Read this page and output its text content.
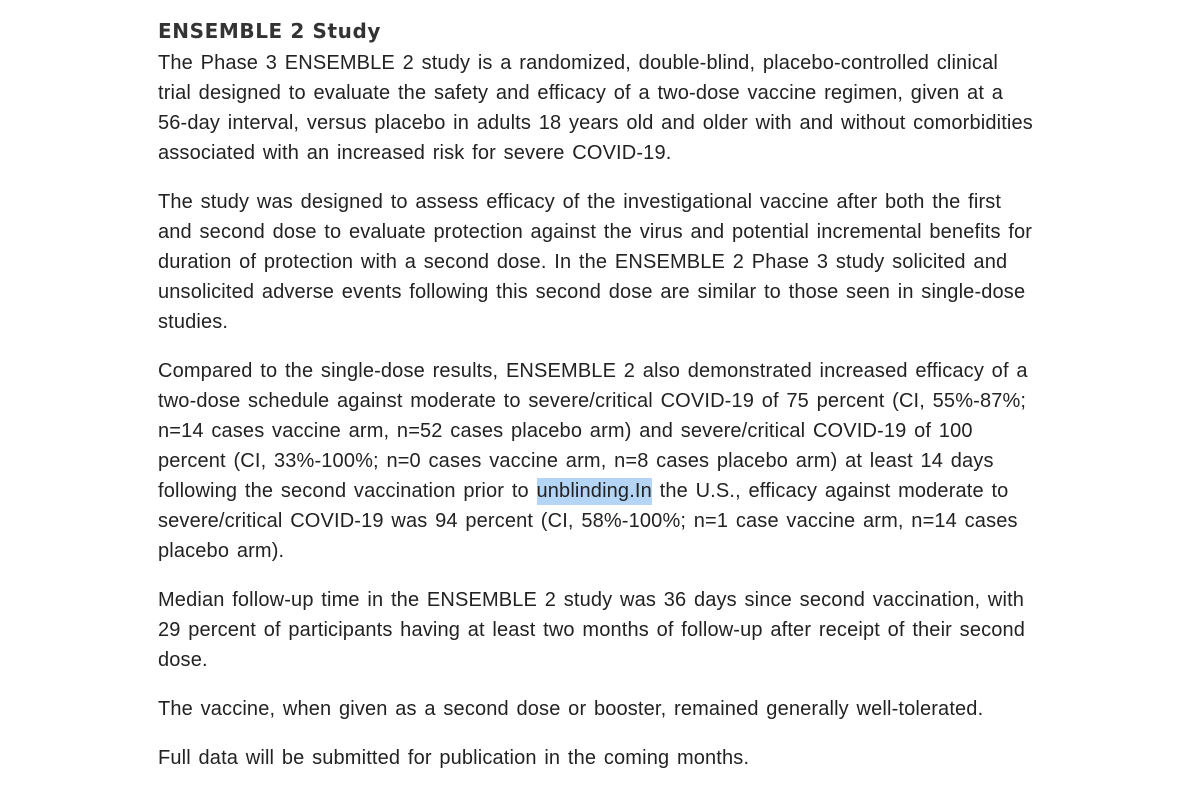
ENSEMBLE 2 Study

The Phase 3 ENSEMBLE 2 study is a randomized, double-blind, placebo-controlled clinical trial designed to evaluate the safety and efficacy of a two-dose vaccine regimen, given at a 56-day interval, versus placebo in adults 18 years old and older with and without comorbidities associated with an increased risk for severe COVID-19.

The study was designed to assess efficacy of the investigational vaccine after both the first and second dose to evaluate protection against the virus and potential incremental benefits for duration of protection with a second dose. In the ENSEMBLE 2 Phase 3 study solicited and unsolicited adverse events following this second dose are similar to those seen in single-dose studies.

Compared to the single-dose results, ENSEMBLE 2 also demonstrated increased efficacy of a two-dose schedule against moderate to severe/critical COVID-19 of 75 percent (CI, 55%-87%; n=14 cases vaccine arm, n=52 cases placebo arm) and severe/critical COVID-19 of 100 percent (CI, 33%-100%; n=0 cases vaccine arm, n=8 cases placebo arm) at least 14 days following the second vaccination prior to unblinding.In the U.S., efficacy against moderate to severe/critical COVID-19 was 94 percent (CI, 58%-100%; n=1 case vaccine arm, n=14 cases placebo arm).

Median follow-up time in the ENSEMBLE 2 study was 36 days since second vaccination, with 29 percent of participants having at least two months of follow-up after receipt of their second dose.

The vaccine, when given as a second dose or booster, remained generally well-tolerated.

Full data will be submitted for publication in the coming months.
